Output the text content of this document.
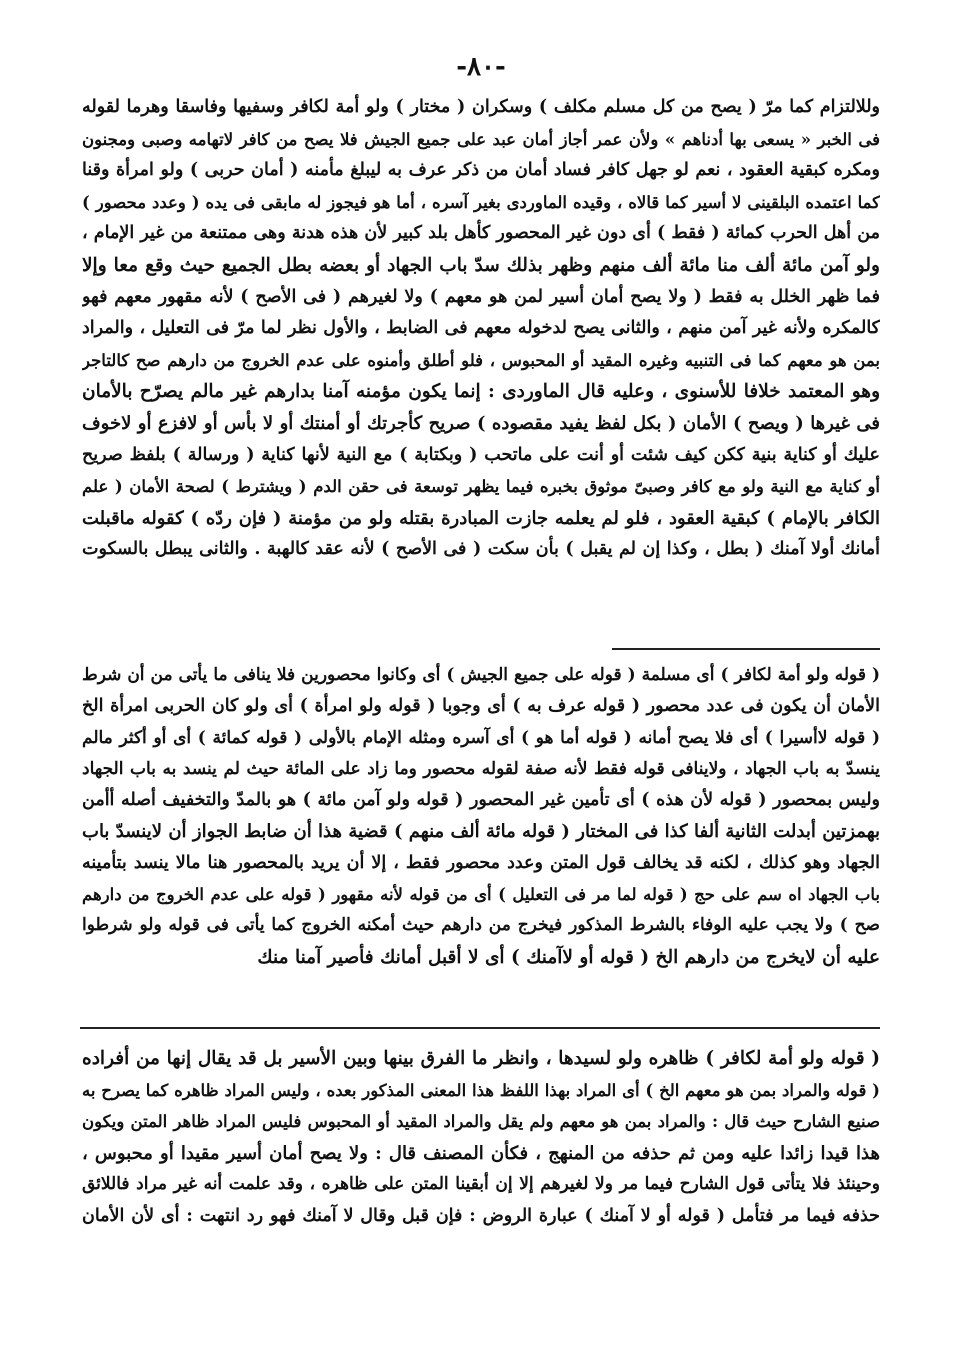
-٨٠-
وللالتزام كما مرّ ( يصح من كل مسلم مكلف ) وسكران ( مختار ) ولو أمة لكافر وسفيها وفاسقا وهرما لقوله
فى الخبر « يسعى بها أدناهم » ولأن عمر أجاز أمان عبد على جميع الجيش فلا يصح من كافر لاتهامه وصبى ومجنون
ومكره كبقية العقود ، نعم لو جهل كافر فساد أمان من ذكر عرف به ليبلغ مأمنه ( أمان حربى ) ولو امرأة وقنا
كما اعتمده البلقينى لا أسير كما قالاه ، وقيده الماوردى بغير آسره ، أما هو فيجوز له مابقى فى يده ( وعدد محصور )
من أهل الحرب كمائة ( فقط ) أى دون غير المحصور كأهل بلد كبير لأن هذه هدنة وهى ممتنعة من غير الإمام ،
ولو آمن مائة ألف منا مائة ألف منهم وظهر بذلك سدّ باب الجهاد أو بعضه بطل الجميع حيث وقع معا وإلا
فما ظهر الخلل به فقط ( ولا يصح أمان أسير لمن هو معهم ) ولا لغيرهم ( فى الأصح ) لأنه مقهور معهم فهو
كالمكره ولأنه غير آمن منهم ، والثانى يصح لدخوله معهم فى الضابط ، والأول نظر لما مرّ فى التعليل ، والمراد
بمن هو معهم كما فى التنبيه وغيره المقيد أو المحبوس ، فلو أطلق وأمنوه على عدم الخروج من دارهم صح كالتاجر
وهو المعتمد خلافا للأسنوى ، وعليه قال الماوردى : إنما يكون مؤمنه آمنا بدارهم غير مالم يصرّح بالأمان
فى غيرها ( ويصح ) الأمان ( بكل لفظ يفيد مقصوده ) صريح كأجرتك أو أمنتك أو لا بأس أو لافزع أو لاخوف
عليك أو كناية بنية ككن كيف شئت أو أنت على ماتحب ( وبكتابة ) مع النية لأنها كناية ( ورسالة ) بلفظ صريح
أو كناية مع النية ولو مع كافر وصبىّ موثوق بخبره فيما يظهر توسعة فى حقن الدم ( ويشترط ) لصحة الأمان ( علم
الكافر بالإمام ) كبقية العقود ، فلو لم يعلمه جازت المبادرة بقتله ولو من مؤمنة ( فإن ردّه ) كقوله ماقبلت
أمانك أولا آمنك ( بطل ، وكذا إن لم يقبل ) بأن سكت ( فى الأصح ) لأنه عقد كالهبة . والثانى يبطل بالسكوت
( قوله ولو أمة لكافر ) أى مسلمة ( قوله على جميع الجيش ) أى وكانوا محصورين فلا ينافى ما يأتى من أن شرط
الأمان أن يكون فى عدد محصور ( قوله عرف به ) أى وجوبا ( قوله ولو امرأة ) أى ولو كان الحربى امرأة الخ
( قوله لاأسيرا ) أى فلا يصح أمانه ( قوله أما هو ) أى آسره ومثله الإمام بالأولى ( قوله كمائة ) أى أو أكثر مالم
ينسدّ به باب الجهاد ، ولاينافى قوله فقط لأنه صفة لقوله محصور وما زاد على المائة حيث لم ينسد به باب الجهاد
وليس بمحصور ( قوله لأن هذه ) أى تأمين غير المحصور ( قوله ولو آمن مائة ) هو بالمدّ والتخفيف أصله أأمن
بهمزتين أبدلت الثانية ألفا كذا فى المختار ( قوله مائة ألف منهم ) قضية هذا أن ضابط الجواز أن لاينسدّ باب
الجهاد وهو كذلك ، لكنه قد يخالف قول المتن وعدد محصور فقط ، إلا أن يريد بالمحصور هنا مالا ينسد بتأمينه
باب الجهاد اه سم على حج ( قوله لما مر فى التعليل ) أى من قوله لأنه مقهور ( قوله على عدم الخروج من دارهم
صح ) ولا يجب عليه الوفاء بالشرط المذكور فيخرج من دارهم حيث أمكنه الخروج كما يأتى فى قوله ولو شرطوا
عليه أن لايخرج من دارهم الخ ( قوله أو لاآمنك ) أى لا أقبل أمانك فأصير آمنا منك
( قوله ولو أمة لكافر ) ظاهره ولو لسيدها ، وانظر ما الفرق بينها وبين الأسير بل قد يقال إنها من أفراده
( قوله والمراد بمن هو معهم الخ ) أى المراد بهذا اللفظ هذا المعنى المذكور بعده ، وليس المراد ظاهره كما يصرح به
صنيع الشارح حيث قال : والمراد بمن هو معهم ولم يقل والمراد المقيد أو المحبوس فليس المراد ظاهر المتن ويكون
هذا قيدا زائدا عليه ومن ثم حذفه من المنهج ، فكأن المصنف قال : ولا يصح أمان أسير مقيدا أو محبوس ،
وحينئذ فلا يتأتى قول الشارح فيما مر ولا لغيرهم إلا إن أبقينا المتن على ظاهره ، وقد علمت أنه غير مراد فاللائق
حذفه فيما مر فتأمل ( قوله أو لا آمنك ) عبارة الروض : فإن قبل وقال لا آمنك فهو رد انتهت : أى لأن الأمان
